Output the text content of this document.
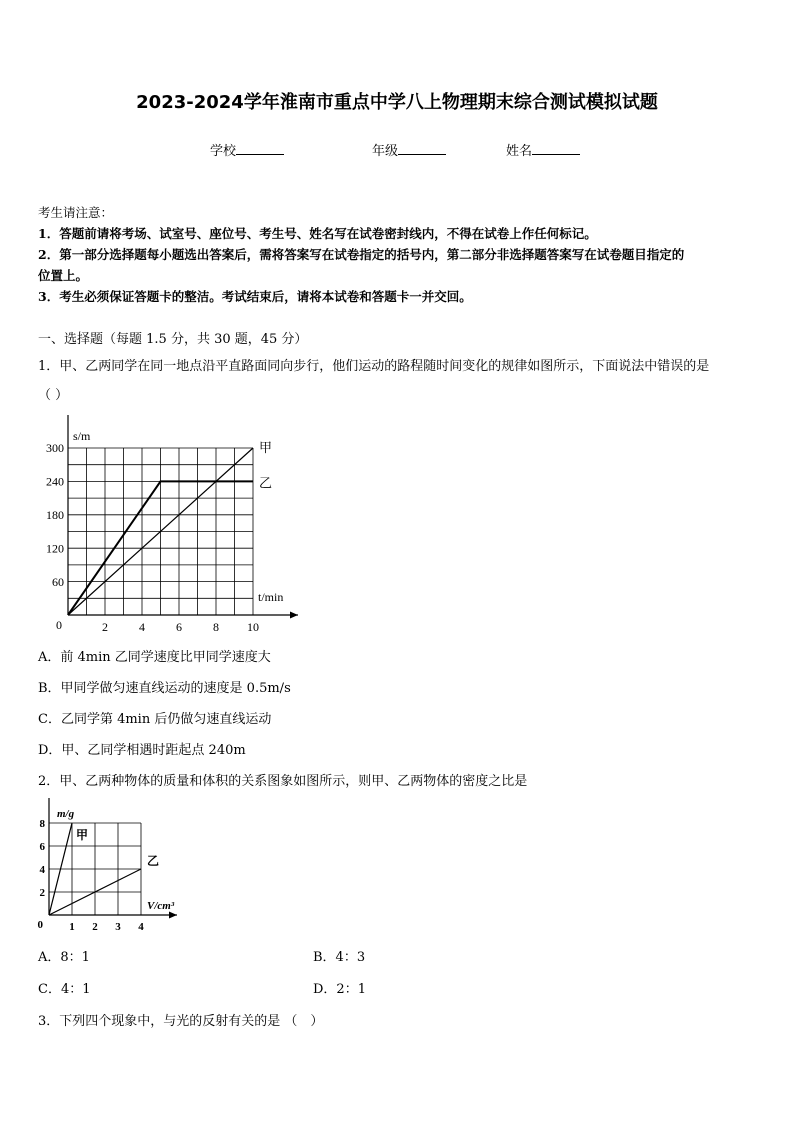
2023-2024学年淮南市重点中学八上物理期末综合测试模拟试题
学校	年级	姓名
考生请注意：
1．答题前请将考场、试室号、座位号、考生号、姓名写在试卷密封线内，不得在试卷上作任何标记。
2．第一部分选择题每小题选出答案后，需将答案写在试卷指定的括号内，第二部分非选择题答案写在试卷题目指定的
位置上。
3．考生必须保证答题卡的整洁。考试结束后，请将本试卷和答题卡一并交回。
一、选择题（每题 1.5 分，共 30 题，45 分）
1．甲、乙两同学在同一地点沿平直路面同向步行，他们运动的路程随时间变化的规律如图所示，下面说法中错误的是
（ ）
2	4	6	8 10
60
120
180
240
300
0
s/m
t/min
甲
乙
A．前 4min 乙同学速度比甲同学速度大
B．甲同学做匀速直线运动的速度是 0.5m/s
C．乙同学第 4min 后仍做匀速直线运动
D．甲、乙同学相遇时距起点 240m
2．甲、乙两种物体的质量和体积的关系图象如图所示，则甲、乙两物体的密度之比是
1 2 3 4
2
4
6
8
0
m/g
V/cm³
甲
乙
A．8：1	B．4：3
C．4：1	D．2：1
3．下列四个现象中，与光的反射有关的是 （　）
